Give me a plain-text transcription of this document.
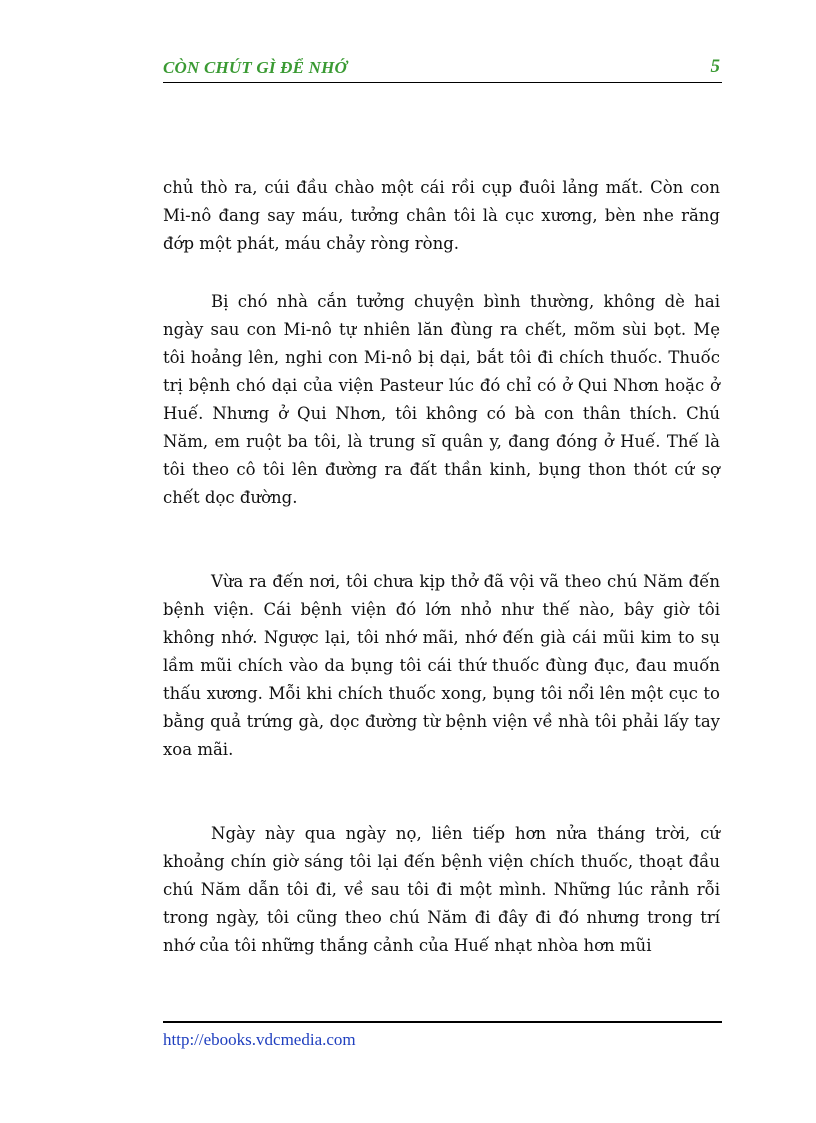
CÒN CHÚT GÌ ĐỂ NHỚ	5

chủ thò ra, cúi đầu chào một cái rồi cụp đuôi lảng mất. Còn con Mi-nô đang say máu, tưởng chân tôi là cục xương, bèn nhe răng đớp một phát, máu chảy ròng ròng.

Bị chó nhà cắn tưởng chuyện bình thường, không dè hai ngày sau con Mi-nô tự nhiên lăn đùng ra chết, mõm sùi bọt. Mẹ tôi hoảng lên, nghi con Mi-nô bị dại, bắt tôi đi chích thuốc. Thuốc trị bệnh chó dại của viện Pasteur lúc đó chỉ có ở Qui Nhơn hoặc ở Huế. Nhưng ở Qui Nhơn, tôi không có bà con thân thích. Chú Năm, em ruột ba tôi, là trung sĩ quân y, đang đóng ở Huế. Thế là tôi theo cô tôi lên đường ra đất thần kinh, bụng thon thót cứ sợ chết dọc đường.

Vừa ra đến nơi, tôi chưa kịp thở đã vội vã theo chú Năm đến bệnh viện. Cái bệnh viện đó lớn nhỏ như thế nào, bây giờ tôi không nhớ. Ngược lại, tôi nhớ mãi, nhớ đến già cái mũi kim to sụ lầm mũi chích vào da bụng tôi cái thứ thuốc đùng đục, đau muốn thấu xương. Mỗi khi chích thuốc xong, bụng tôi nổi lên một cục to bằng quả trứng gà, dọc đường từ bệnh viện về nhà tôi phải lấy tay xoa mãi.

Ngày này qua ngày nọ, liên tiếp hơn nửa tháng trời, cứ khoảng chín giờ sáng tôi lại đến bệnh viện chích thuốc, thoạt đầu chú Năm dẫn tôi đi, về sau tôi đi một mình. Những lúc rảnh rỗi trong ngày, tôi cũng theo chú Năm đi đây đi đó nhưng trong trí nhớ của tôi những thắng cảnh của Huế nhạt nhòa hơn mũi

http://ebooks.vdcmedia.com
